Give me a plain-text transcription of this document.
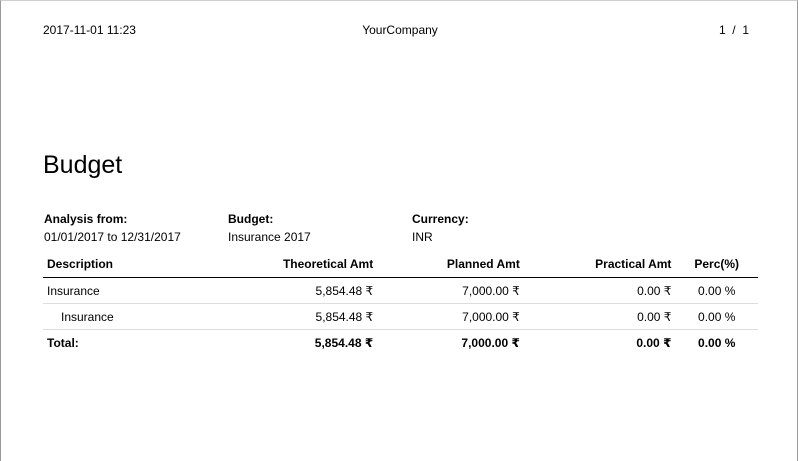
YourCompany
2017-11-01 11:23	1 / 1
Budget
Analysis from:
01/01/2017 to 12/31/2017
Budget:
Insurance 2017
Currency:
INR
Description	Theoretical Amt	Planned Amt	Practical Amt	Perc(%)
Insurance	5,854.48 ₹	7,000.00 ₹	0.00 ₹	0.00 %
Insurance	5,854.48 ₹	7,000.00 ₹	0.00 ₹	0.00 %
Total:	5,854.48 ₹	7,000.00 ₹	0.00 ₹	0.00 %
